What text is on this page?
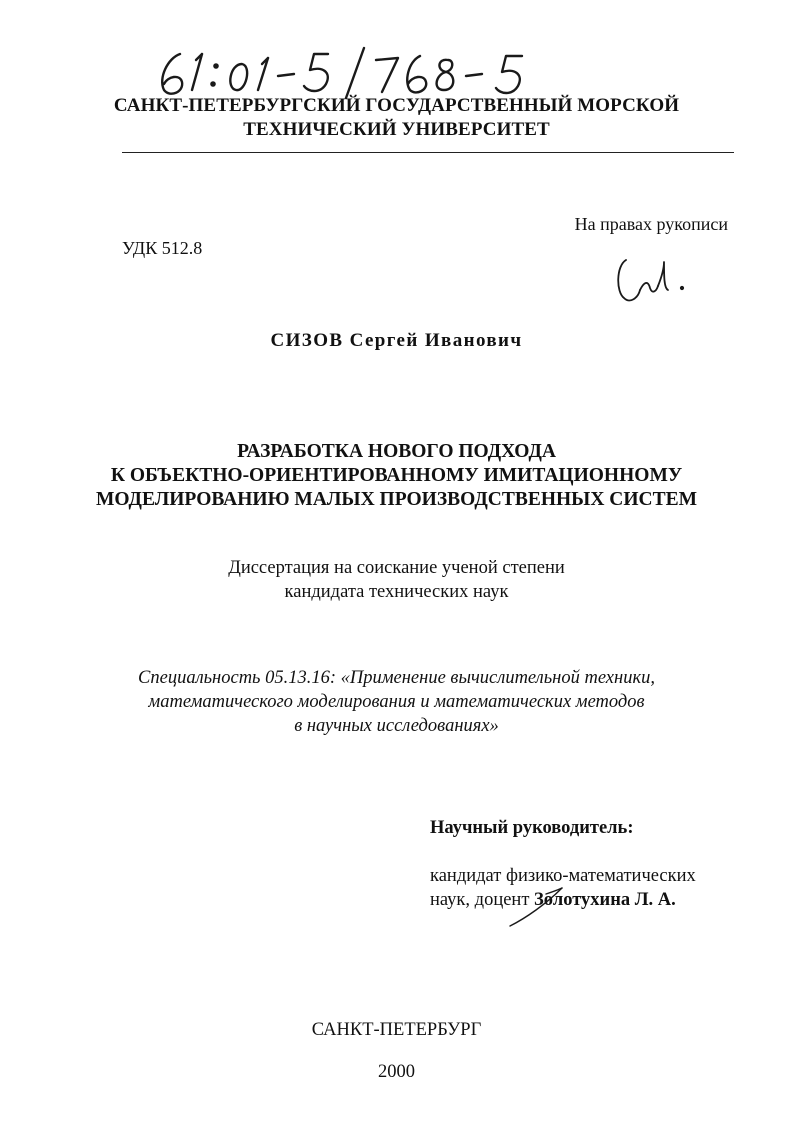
САНКТ-ПЕТЕРБУРГСКИЙ ГОСУДАРСТВЕННЫЙ МОРСКОЙ
ТЕХНИЧЕСКИЙ УНИВЕРСИТЕТ
На правах рукописи
УДК 512.8
СИЗОВ Сергей Иванович
РАЗРАБОТКА НОВОГО ПОДХОДА
К ОБЪЕКТНО-ОРИЕНТИРОВАННОМУ ИМИТАЦИОННОМУ
МОДЕЛИРОВАНИЮ МАЛЫХ ПРОИЗВОДСТВЕННЫХ СИСТЕМ
Диссертация на соискание ученой степени
кандидата технических наук
Специальность 05.13.16: «Применение вычислительной техники,
математического моделирования и математических методов
в научных исследованиях»
Научный руководитель:
кандидат физико-математических
наук, доцент Золотухина Л. А.
САНКТ-ПЕТЕРБУРГ
2000
